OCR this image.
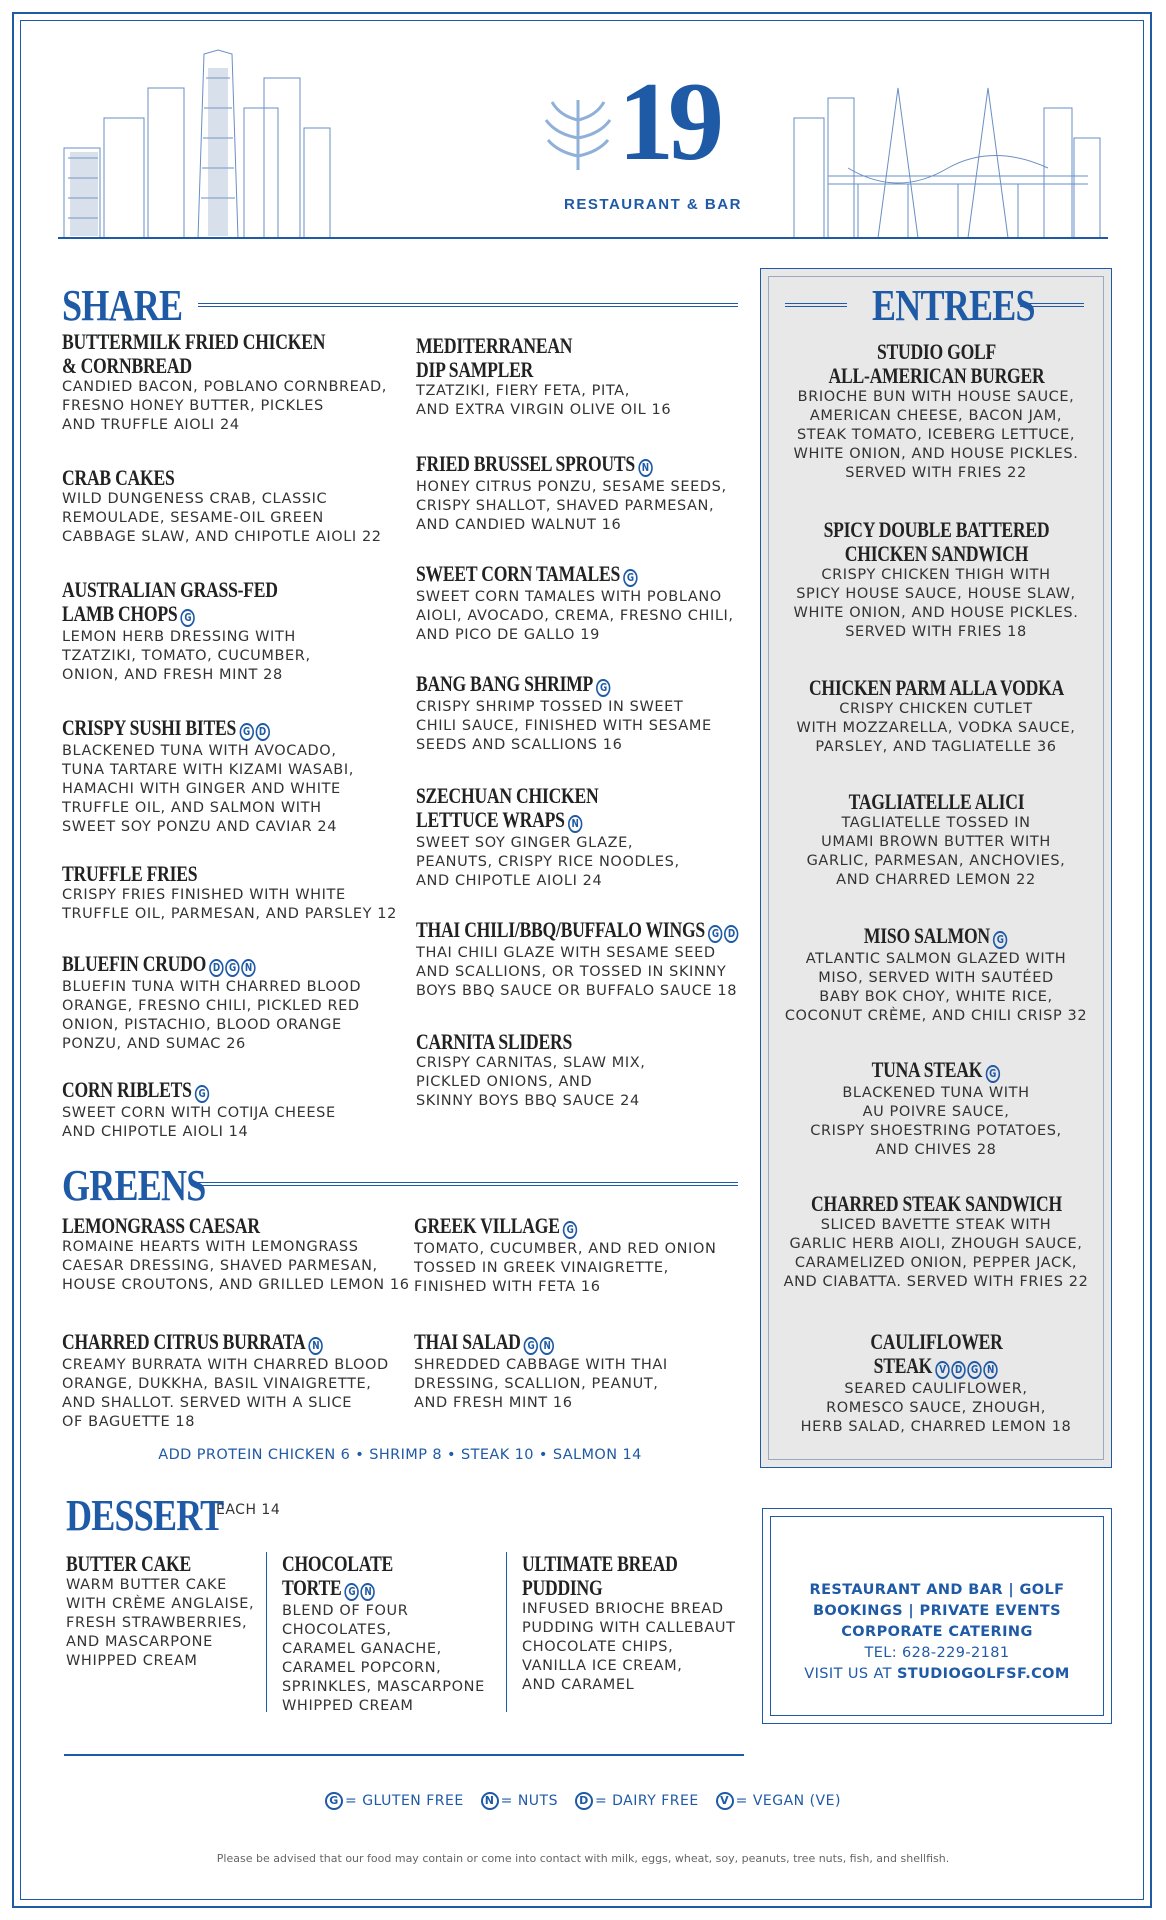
19
RESTAURANT & BAR
SHARE
BUTTERMILK FRIED CHICKEN
& CORNBREAD
CANDIED BACON, POBLANO CORNBREAD,
FRESNO HONEY BUTTER, PICKLES
AND TRUFFLE AIOLI 24
CRAB CAKES
WILD DUNGENESS CRAB, CLASSIC
REMOULADE, SESAME-OIL GREEN
CABBAGE SLAW, AND CHIPOTLE AIOLI 22
AUSTRALIAN GRASS-FED
LAMB CHOPS G
LEMON HERB DRESSING WITH
TZATZIKI, TOMATO, CUCUMBER,
ONION, AND FRESH MINT 28
CRISPY SUSHI BITES G D
BLACKENED TUNA WITH AVOCADO,
TUNA TARTARE WITH KIZAMI WASABI,
HAMACHI WITH GINGER AND WHITE
TRUFFLE OIL, AND SALMON WITH
SWEET SOY PONZU AND CAVIAR 24
TRUFFLE FRIES
CRISPY FRIES FINISHED WITH WHITE
TRUFFLE OIL, PARMESAN, AND PARSLEY 12
BLUEFIN CRUDO D G N
BLUEFIN TUNA WITH CHARRED BLOOD
ORANGE, FRESNO CHILI, PICKLED RED
ONION, PISTACHIO, BLOOD ORANGE
PONZU, AND SUMAC 26
CORN RIBLETS G
SWEET CORN WITH COTIJA CHEESE
AND CHIPOTLE AIOLI 14
MEDITERRANEAN
DIP SAMPLER
TZATZIKI, FIERY FETA, PITA,
AND EXTRA VIRGIN OLIVE OIL 16
FRIED BRUSSEL SPROUTS N
HONEY CITRUS PONZU, SESAME SEEDS,
CRISPY SHALLOT, SHAVED PARMESAN,
AND CANDIED WALNUT 16
SWEET CORN TAMALES G
SWEET CORN TAMALES WITH POBLANO
AIOLI, AVOCADO, CREMA, FRESNO CHILI,
AND PICO DE GALLO 19
BANG BANG SHRIMP G
CRISPY SHRIMP TOSSED IN SWEET
CHILI SAUCE, FINISHED WITH SESAME
SEEDS AND SCALLIONS 16
SZECHUAN CHICKEN
LETTUCE WRAPS N
SWEET SOY GINGER GLAZE,
PEANUTS, CRISPY RICE NOODLES,
AND CHIPOTLE AIOLI 24
THAI CHILI/BBQ/BUFFALO WINGS G D
THAI CHILI GLAZE WITH SESAME SEED
AND SCALLIONS, OR TOSSED IN SKINNY
BOYS BBQ SAUCE OR BUFFALO SAUCE 18
CARNITA SLIDERS
CRISPY CARNITAS, SLAW MIX,
PICKLED ONIONS, AND
SKINNY BOYS BBQ SAUCE 24
GREENS
LEMONGRASS CAESAR
ROMAINE HEARTS WITH LEMONGRASS
CAESAR DRESSING, SHAVED PARMESAN,
HOUSE CROUTONS, AND GRILLED LEMON 16
GREEK VILLAGE G
TOMATO, CUCUMBER, AND RED ONION
TOSSED IN GREEK VINAIGRETTE,
FINISHED WITH FETA 16
CHARRED CITRUS BURRATA N
CREAMY BURRATA WITH CHARRED BLOOD
ORANGE, DUKKHA, BASIL VINAIGRETTE,
AND SHALLOT. SERVED WITH A SLICE
OF BAGUETTE 18
THAI SALAD G N
SHREDDED CABBAGE WITH THAI
DRESSING, SCALLION, PEANUT,
AND FRESH MINT 16
ADD PROTEIN CHICKEN 6 • SHRIMP 8 • STEAK 10 • SALMON 14
ENTREES
STUDIO GOLF
ALL-AMERICAN BURGER
BRIOCHE BUN WITH HOUSE SAUCE,
AMERICAN CHEESE, BACON JAM,
STEAK TOMATO, ICEBERG LETTUCE,
WHITE ONION, AND HOUSE PICKLES.
SERVED WITH FRIES 22
SPICY DOUBLE BATTERED
CHICKEN SANDWICH
CRISPY CHICKEN THIGH WITH
SPICY HOUSE SAUCE, HOUSE SLAW,
WHITE ONION, AND HOUSE PICKLES.
SERVED WITH FRIES 18
CHICKEN PARM ALLA VODKA
CRISPY CHICKEN CUTLET
WITH MOZZARELLA, VODKA SAUCE,
PARSLEY, AND TAGLIATELLE 36
TAGLIATELLE ALICI
TAGLIATELLE TOSSED IN
UMAMI BROWN BUTTER WITH
GARLIC, PARMESAN, ANCHOVIES,
AND CHARRED LEMON 22
MISO SALMON G
ATLANTIC SALMON GLAZED WITH
MISO, SERVED WITH SAUTÉED
BABY BOK CHOY, WHITE RICE,
COCONUT CRÈME, AND CHILI CRISP 32
TUNA STEAK G
BLACKENED TUNA WITH
AU POIVRE SAUCE,
CRISPY SHOESTRING POTATOES,
AND CHIVES 28
CHARRED STEAK SANDWICH
SLICED BAVETTE STEAK WITH
GARLIC HERB AIOLI, ZHOUGH SAUCE,
CARAMELIZED ONION, PEPPER JACK,
AND CIABATTA. SERVED WITH FRIES 22
CAULIFLOWER
STEAK V D G N
SEARED CAULIFLOWER,
ROMESCO SAUCE, ZHOUGH,
HERB SALAD, CHARRED LEMON 18
DESSERT
EACH 14
BUTTER CAKE
WARM BUTTER CAKE
WITH CRÈME ANGLAISE,
FRESH STRAWBERRIES,
AND MASCARPONE
WHIPPED CREAM
CHOCOLATE
TORTE G N
BLEND OF FOUR
CHOCOLATES,
CARAMEL GANACHE,
CARAMEL POPCORN,
SPRINKLES, MASCARPONE
WHIPPED CREAM
ULTIMATE BREAD
PUDDING
INFUSED BRIOCHE BREAD
PUDDING WITH CALLEBAUT
CHOCOLATE CHIPS,
VANILLA ICE CREAM,
AND CARAMEL
RESTAURANT AND BAR | GOLF
BOOKINGS | PRIVATE EVENTS
CORPORATE CATERING
TEL: 628-229-2181
VISIT US AT STUDIOGOLFSF.COM
G = GLUTEN FREE N = NUTS D = DAIRY FREE V = VEGAN (VE)
Please be advised that our food may contain or come into contact with milk, eggs, wheat, soy, peanuts, tree nuts, fish, and shellfish.
